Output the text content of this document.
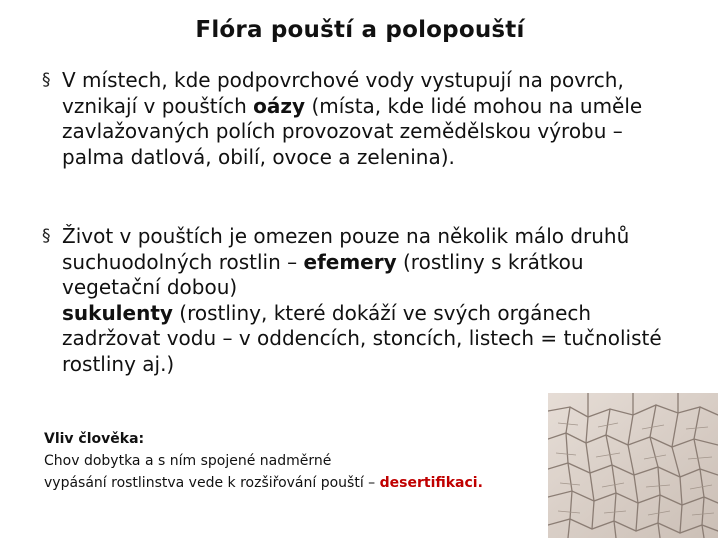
Flóra pouští a polopouští
§ V místech, kde podpovrchové vody vystupují na povrch, vznikají v pouštích oázy (místa, kde lidé mohou na uměle zavlažovaných polích provozovat zemědělskou výrobu – palma datlová, obilí, ovoce a zelenina).
§ Život v pouštích je omezen pouze na několik málo druhů suchuodolných rostlin – efemery (rostliny s krátkou vegetační dobou)
sukulenty (rostliny, které dokáží ve svých orgánech zadržovat vodu – v oddencích, stoncích, listech = tučnolisté rostliny aj.)
Vliv člověka:
Chov dobytka a s ním spojené nadměrné
vypásání rostlinstva vede k rozšiřování pouští – desertifikaci.
